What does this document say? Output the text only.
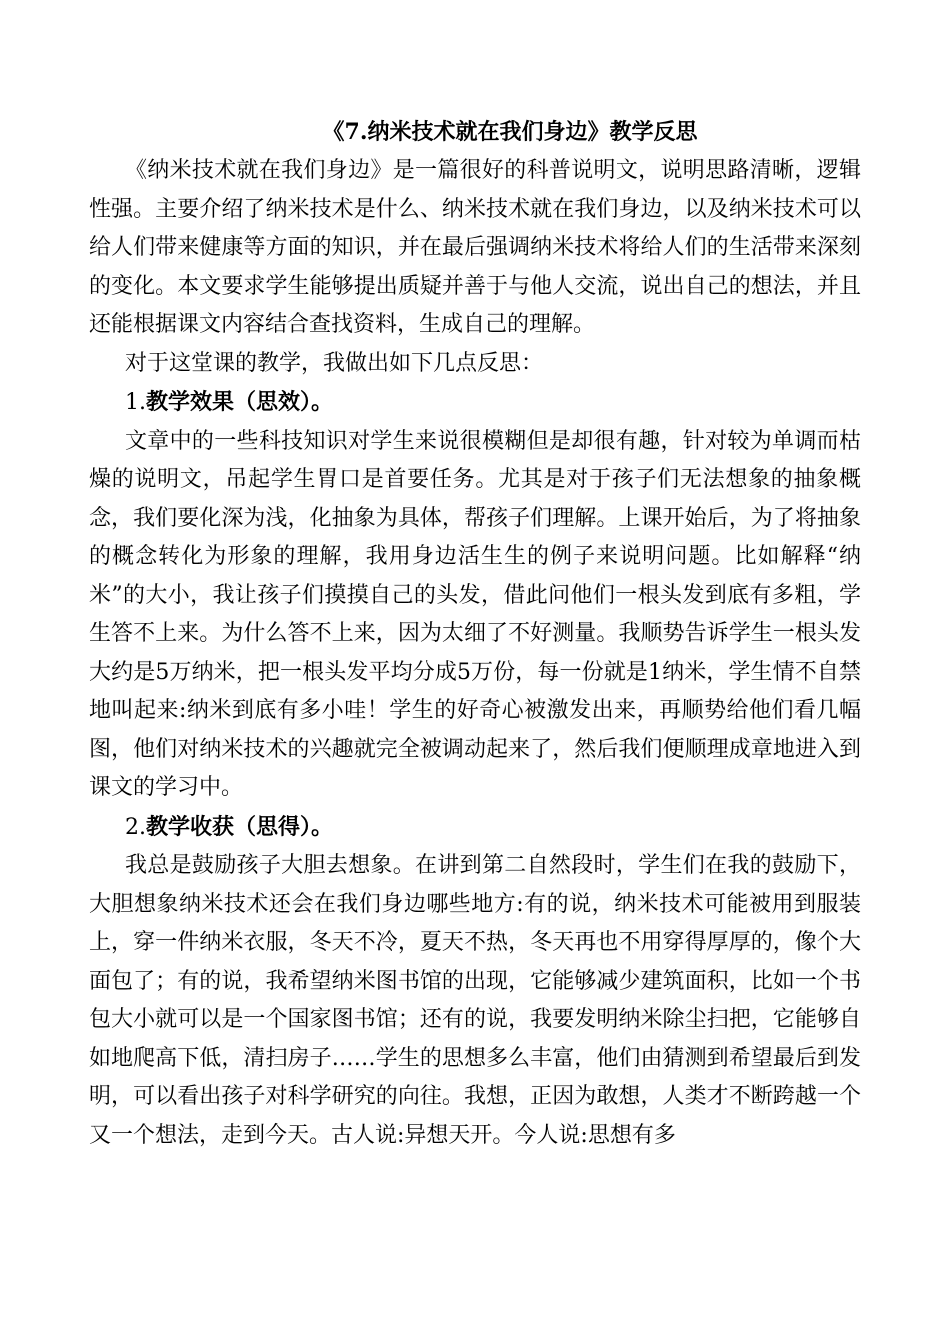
《7.纳米技术就在我们身边》教学反思

《纳米技术就在我们身边》是一篇很好的科普说明文，说明思路清晰，逻辑性强。主要介绍了纳米技术是什么、纳米技术就在我们身边，以及纳米技术可以给人们带来健康等方面的知识，并在最后强调纳米技术将给人们的生活带来深刻的变化。本文要求学生能够提出质疑并善于与他人交流，说出自己的想法，并且还能根据课文内容结合查找资料，生成自己的理解。

对于这堂课的教学，我做出如下几点反思：

1.教学效果（思效）。

文章中的一些科技知识对学生来说很模糊但是却很有趣，针对较为单调而枯燥的说明文，吊起学生胃口是首要任务。尤其是对于孩子们无法想象的抽象概念，我们要化深为浅，化抽象为具体，帮孩子们理解。上课开始后，为了将抽象的概念转化为形象的理解，我用身边活生生的例子来说明问题。比如解释“纳米”的大小，我让孩子们摸摸自己的头发，借此问他们一根头发到底有多粗，学生答不上来。为什么答不上来，因为太细了不好测量。我顺势告诉学生一根头发大约是5万纳米，把一根头发平均分成5万份，每一份就是1纳米，学生情不自禁地叫起来:纳米到底有多小哇！学生的好奇心被激发出来，再顺势给他们看几幅图，他们对纳米技术的兴趣就完全被调动起来了，然后我们便顺理成章地进入到课文的学习中。

2.教学收获（思得）。

我总是鼓励孩子大胆去想象。在讲到第二自然段时，学生们在我的鼓励下，大胆想象纳米技术还会在我们身边哪些地方:有的说，纳米技术可能被用到服装上，穿一件纳米衣服，冬天不冷，夏天不热，冬天再也不用穿得厚厚的，像个大面包了；有的说，我希望纳米图书馆的出现，它能够减少建筑面积，比如一个书包大小就可以是一个国家图书馆；还有的说，我要发明纳米除尘扫把，它能够自如地爬高下低，清扫房子……学生的思想多么丰富，他们由猜测到希望最后到发明，可以看出孩子对科学研究的向往。我想，正因为敢想，人类才不断跨越一个又一个想法，走到今天。古人说:异想天开。今人说:思想有多
